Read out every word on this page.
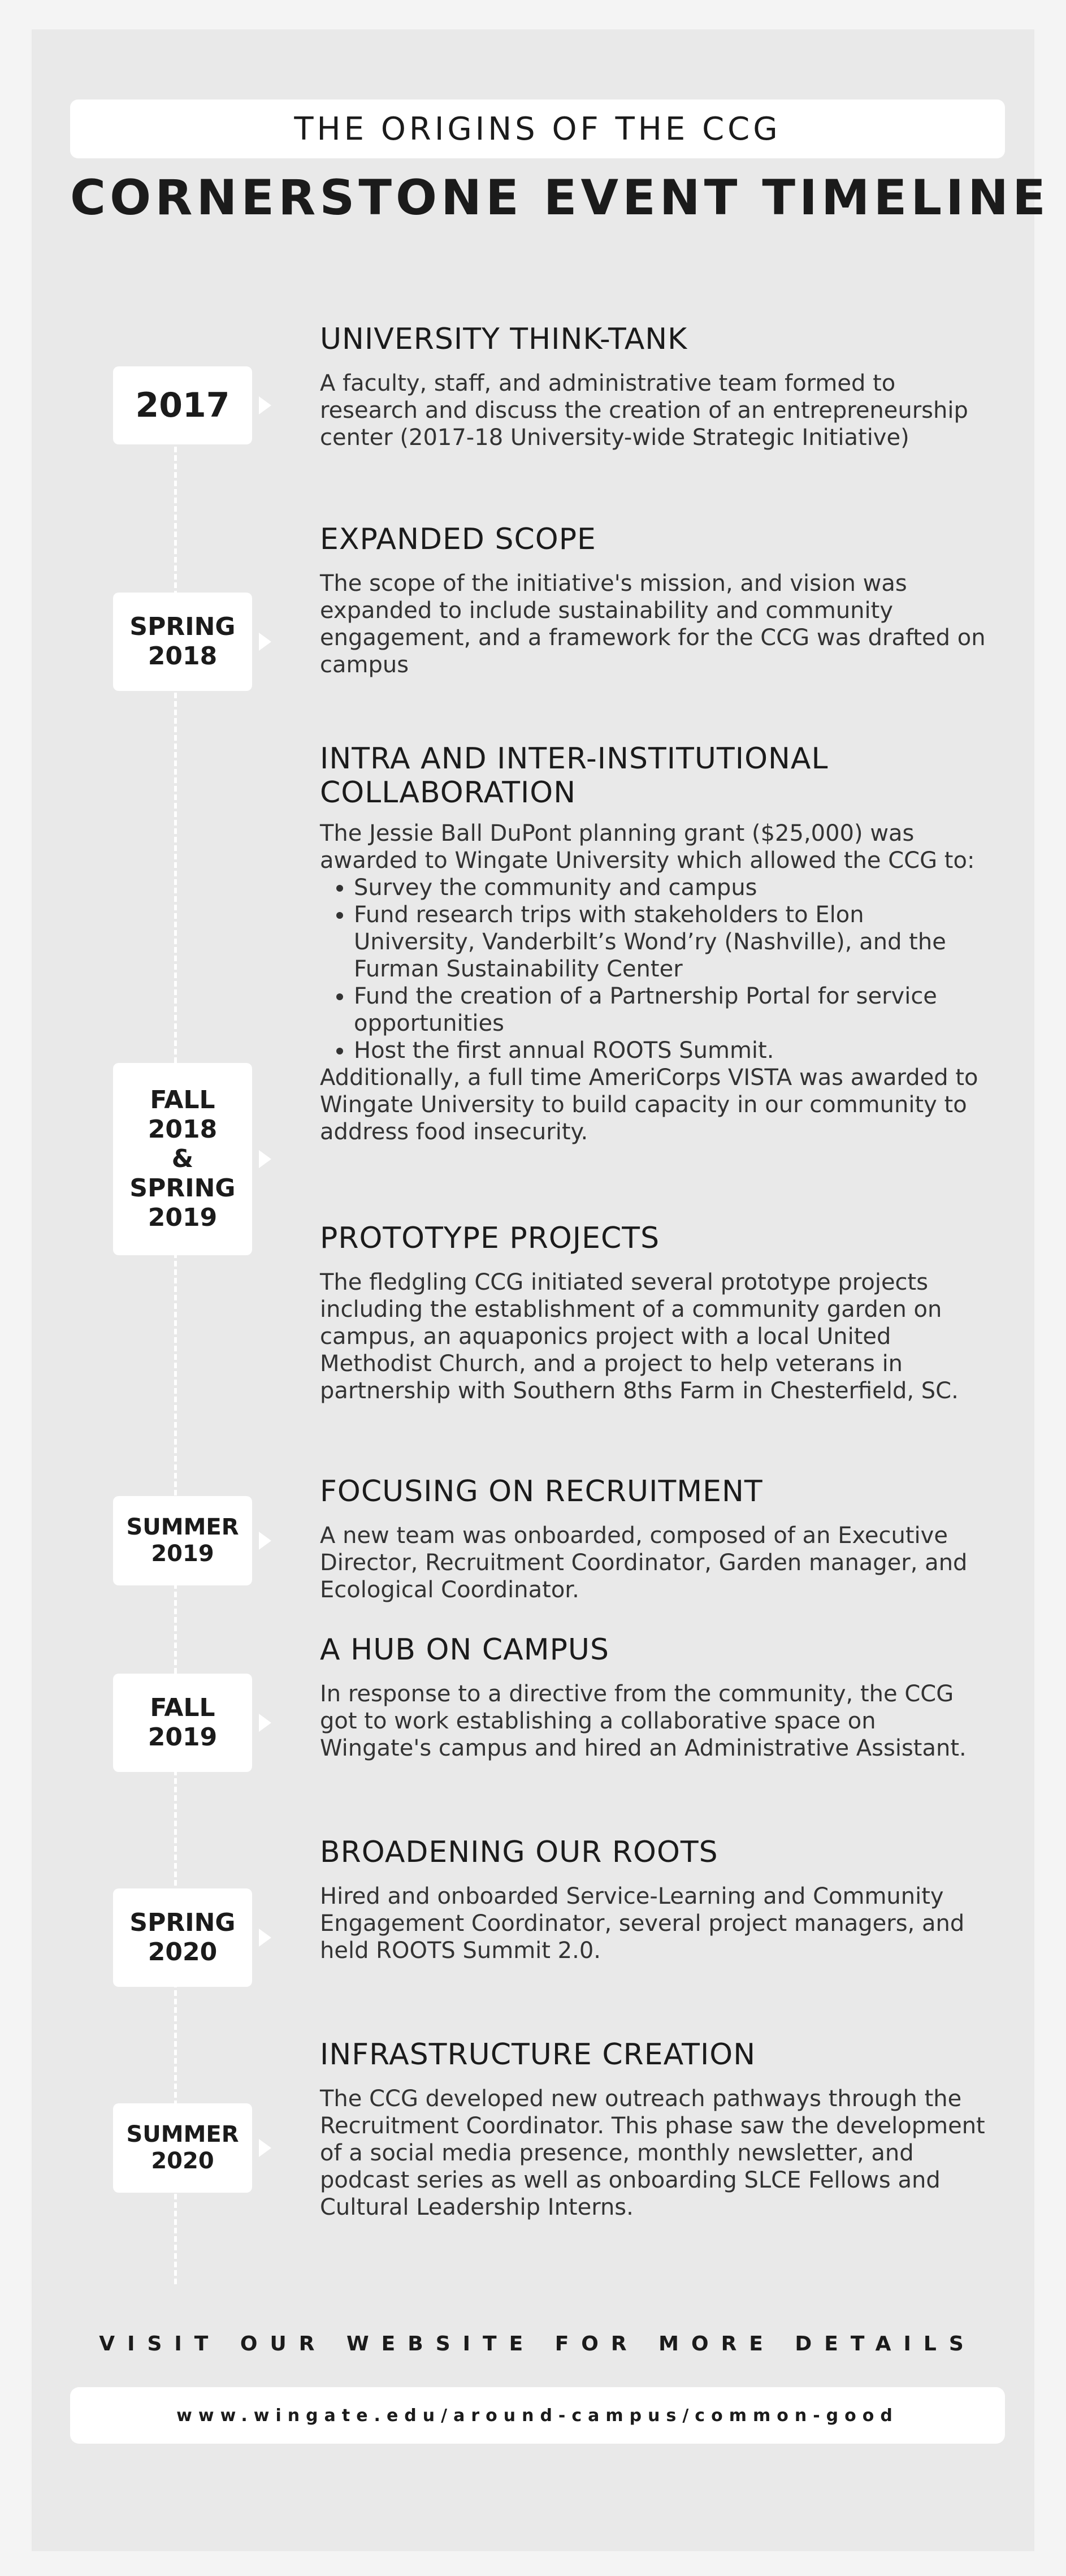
THE ORIGINS OF THE CCG
CORNERSTONE EVENT TIMELINE
2017
UNIVERSITY THINK-TANK
A faculty, staff, and administrative team formed to research and discuss the creation of an entrepreneurship center (2017-18 University-wide Strategic Initiative)
SPRING
2018
EXPANDED SCOPE
The scope of the initiative's mission, and vision was expanded to include sustainability and community engagement, and a framework for the CCG was drafted on campus
FALL
2018
&
SPRING
2019
INTRA AND INTER-INSTITUTIONAL COLLABORATION
The Jessie Ball DuPont planning grant ($25,000) was awarded to Wingate University which allowed the CCG to:
• Survey the community and campus
• Fund research trips with stakeholders to Elon University, Vanderbilt’s Wond’ry (Nashville), and the Furman Sustainability Center
• Fund the creation of a Partnership Portal for service opportunities
• Host the first annual ROOTS Summit.
Additionally, a full time AmeriCorps VISTA was awarded to Wingate University to build capacity in our community to address food insecurity.
PROTOTYPE PROJECTS
The fledgling CCG initiated several prototype projects including the establishment of a community garden on campus, an aquaponics project with a local United Methodist Church, and a project to help veterans in partnership with Southern 8ths Farm in Chesterfield, SC.
SUMMER
2019
FOCUSING ON RECRUITMENT
A new team was onboarded, composed of an Executive Director, Recruitment Coordinator, Garden manager, and Ecological Coordinator.
FALL
2019
A HUB ON CAMPUS
In response to a directive from the community, the CCG got to work establishing a collaborative space on Wingate's campus and hired an Administrative Assistant.
SPRING
2020
BROADENING OUR ROOTS
Hired and onboarded Service-Learning and Community Engagement Coordinator, several project managers, and held ROOTS Summit 2.0.
SUMMER
2020
INFRASTRUCTURE CREATION
The CCG developed new outreach pathways through the Recruitment Coordinator. This phase saw the development of a social media presence, monthly newsletter, and podcast series as well as onboarding SLCE Fellows and Cultural Leadership Interns.
VISIT OUR WEBSITE FOR MORE DETAILS
www.wingate.edu/around-campus/common-good
